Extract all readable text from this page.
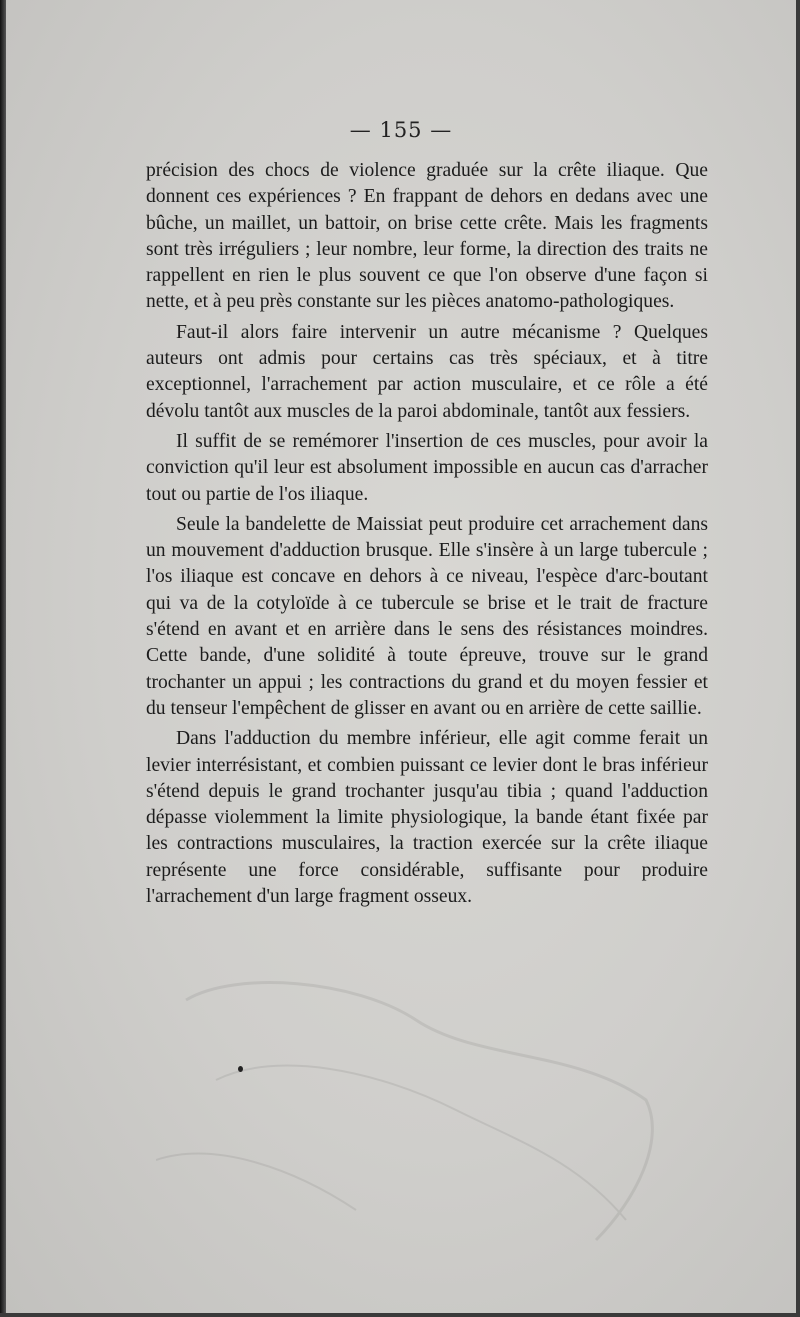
— 155 —

précision des chocs de violence graduée sur la crête iliaque. Que donnent ces expériences ? En frappant de dehors en dedans avec une bûche, un maillet, un battoir, on brise cette crête. Mais les fragments sont très irréguliers ; leur nombre, leur forme, la direction des traits ne rappellent en rien le plus souvent ce que l'on observe d'une façon si nette, et à peu près constante sur les pièces anatomo-pathologiques.

Faut-il alors faire intervenir un autre mécanisme ? Quelques auteurs ont admis pour certains cas très spéciaux, et à titre exceptionnel, l'arrachement par action musculaire, et ce rôle a été dévolu tantôt aux muscles de la paroi abdominale, tantôt aux fessiers.

Il suffit de se remémorer l'insertion de ces muscles, pour avoir la conviction qu'il leur est absolument impossible en aucun cas d'arracher tout ou partie de l'os iliaque.

Seule la bandelette de Maissiat peut produire cet arrachement dans un mouvement d'adduction brusque. Elle s'insère à un large tubercule ; l'os iliaque est concave en dehors à ce niveau, l'espèce d'arc-boutant qui va de la cotyloïde à ce tubercule se brise et le trait de fracture s'étend en avant et en arrière dans le sens des résistances moindres. Cette bande, d'une solidité à toute épreuve, trouve sur le grand trochanter un appui ; les contractions du grand et du moyen fessier et du tenseur l'empêchent de glisser en avant ou en arrière de cette saillie.

Dans l'adduction du membre inférieur, elle agit comme ferait un levier interrésistant, et combien puissant ce levier dont le bras inférieur s'étend depuis le grand trochanter jusqu'au tibia ; quand l'adduction dépasse violemment la limite physiologique, la bande étant fixée par les contractions musculaires, la traction exercée sur la crête iliaque représente une force considérable, suffisante pour produire l'arrachement d'un large fragment osseux.
